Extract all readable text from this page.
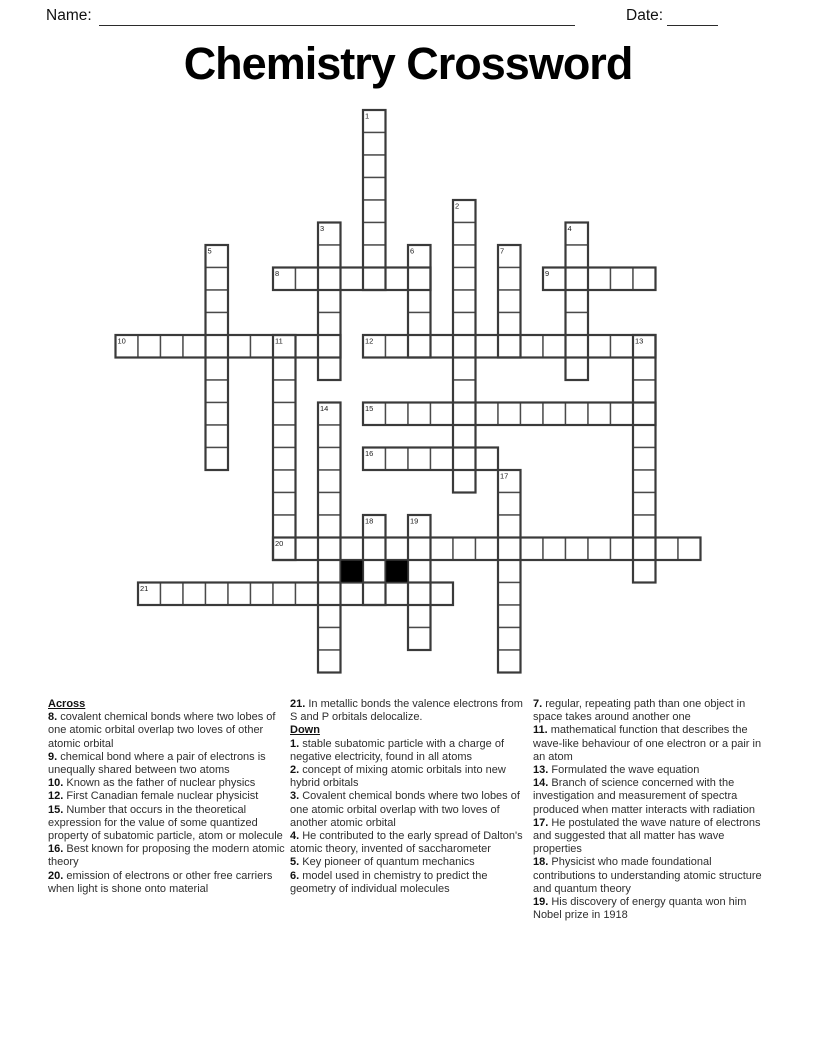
Name:	Date:
Chemistry Crossword
1
2
3	4
5	6	7
8	9
10	11	12	13
14	15
16
17
18	19
20
21
Across
8. covalent chemical bonds where two lobes of one atomic orbital overlap two loves of other atomic orbital
9. chemical bond where a pair of electrons is unequally shared between two atoms
10. Known as the father of nuclear physics
12. First Canadian female nuclear physicist
15. Number that occurs in the theoretical expression for the value of some quantized property of subatomic particle, atom or molecule
16. Best known for proposing the modern atomic theory
20. emission of electrons or other free carriers when light is shone onto material
21. In metallic bonds the valence electrons from S and P orbitals delocalize.
Down
1. stable subatomic particle with a charge of negative electricity, found in all atoms
2. concept of mixing atomic orbitals into new hybrid orbitals
3. Covalent chemical bonds where two lobes of one atomic orbital overlap with two loves of another atomic orbital
4. He contributed to the early spread of Dalton's atomic theory, invented of saccharometer
5. Key pioneer of quantum mechanics
6. model used in chemistry to predict the geometry of individual molecules
7. regular, repeating path than one object in space takes around another one
11. mathematical function that describes the wave-like behaviour of one electron or a pair in an atom
13. Formulated the wave equation
14. Branch of science concerned with the investigation and measurement of spectra produced when matter interacts with radiation
17. He postulated the wave nature of electrons and suggested that all matter has wave properties
18. Physicist who made foundational contributions to understanding atomic structure and quantum theory
19. His discovery of energy quanta won him Nobel prize in 1918
